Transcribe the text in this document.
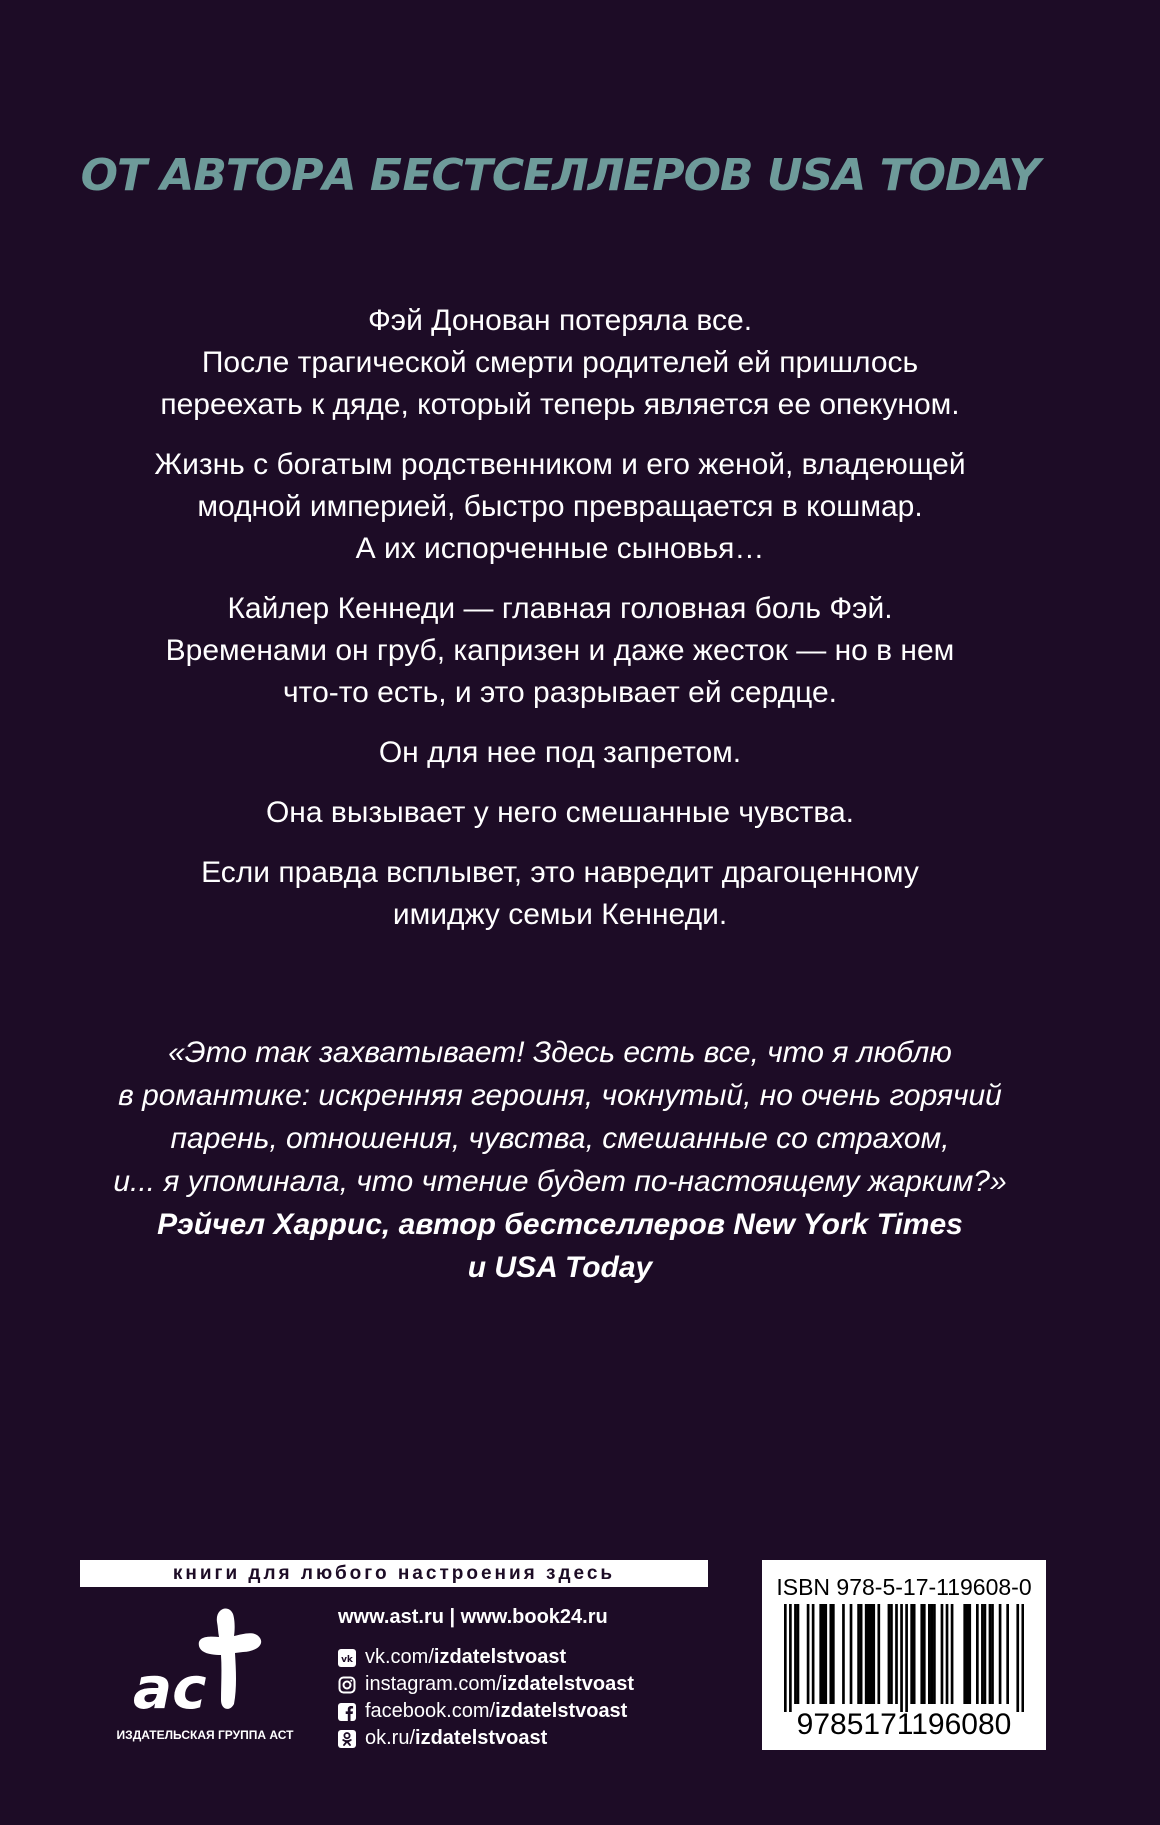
ОТ АВТОРА БЕСТСЕЛЛЕРОВ USA TODAY

Фэй Донован потеряла все.
После трагической смерти родителей ей пришлось
переехать к дяде, который теперь является ее опекуном.

Жизнь с богатым родственником и его женой, владеющей
модной империей, быстро превращается в кошмар.
А их испорченные сыновья…

Кайлер Кеннеди — главная головная боль Фэй.
Временами он груб, капризен и даже жесток — но в нем
что-то есть, и это разрывает ей сердце.

Он для нее под запретом.

Она вызывает у него смешанные чувства.

Если правда всплывет, это навредит драгоценному
имиджу семьи Кеннеди.

«Это так захватывает! Здесь есть все, что я люблю
в романтике: искренняя героиня, чокнутый, но очень горячий
парень, отношения, чувства, смешанные со страхом,
и... я упоминала, что чтение будет по-настоящему жарким?»
Рэйчел Харрис, автор бестселлеров New York Times
и USA Today
книги для любого настроения здесь
ас
ИЗДАТЕЛЬСКАЯ ГРУППА АСТ
www.ast.ru | www.book24.ru
vk vk.com/ izdatelstvoast
instagram.com/ izdatelstvoast
facebook.com/ izdatelstvoast
ok.ru/ izdatelstvoast
ISBN 978-5-17-119608-0
9785171196080
